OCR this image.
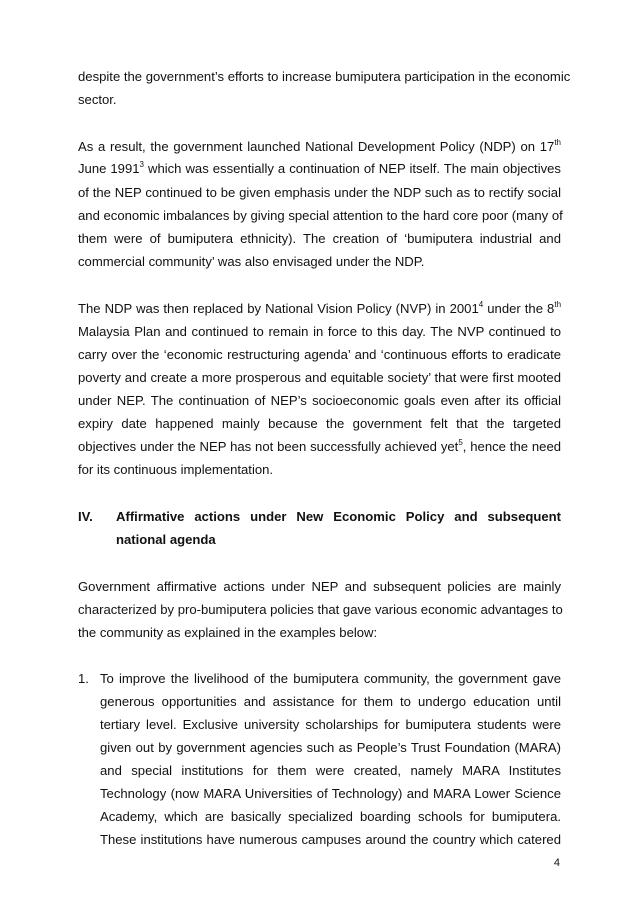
despite the government’s efforts to increase bumiputera participation in the economic
sector.
As a result, the government launched National Development Policy (NDP) on 17th
June 1991$^3$ which was essentially a continuation of NEP itself. The main objectives
of the NEP continued to be given emphasis under the NDP such as to rectify social
and economic imbalances by giving special attention to the hard core poor (many of
them were of bumiputera ethnicity). The creation of ‘bumiputera industrial and
commercial community’ was also envisaged under the NDP.
The NDP was then replaced by National Vision Policy (NVP) in 2001$^4$ under the 8th
Malaysia Plan and continued to remain in force to this day. The NVP continued to
carry over the ‘economic restructuring agenda’ and ‘continuous efforts to eradicate
poverty and create a more prosperous and equitable society’ that were first mooted
under NEP. The continuation of NEP’s socioeconomic goals even after its official
expiry date happened mainly because the government felt that the targeted
objectives under the NEP has not been successfully achieved yet$^5$, hence the need
for its continuous implementation.
IV. Affirmative actions under New Economic Policy and subsequent
national agenda
Government affirmative actions under NEP and subsequent policies are mainly
characterized by pro-bumiputera policies that gave various economic advantages to
the community as explained in the examples below:
1. To improve the livelihood of the bumiputera community, the government gave
generous opportunities and assistance for them to undergo education until
tertiary level. Exclusive university scholarships for bumiputera students were
given out by government agencies such as People’s Trust Foundation (MARA)
and special institutions for them were created, namely MARA Institutes
Technology (now MARA Universities of Technology) and MARA Lower Science
Academy, which are basically specialized boarding schools for bumiputera.
These institutions have numerous campuses around the country which catered
4
